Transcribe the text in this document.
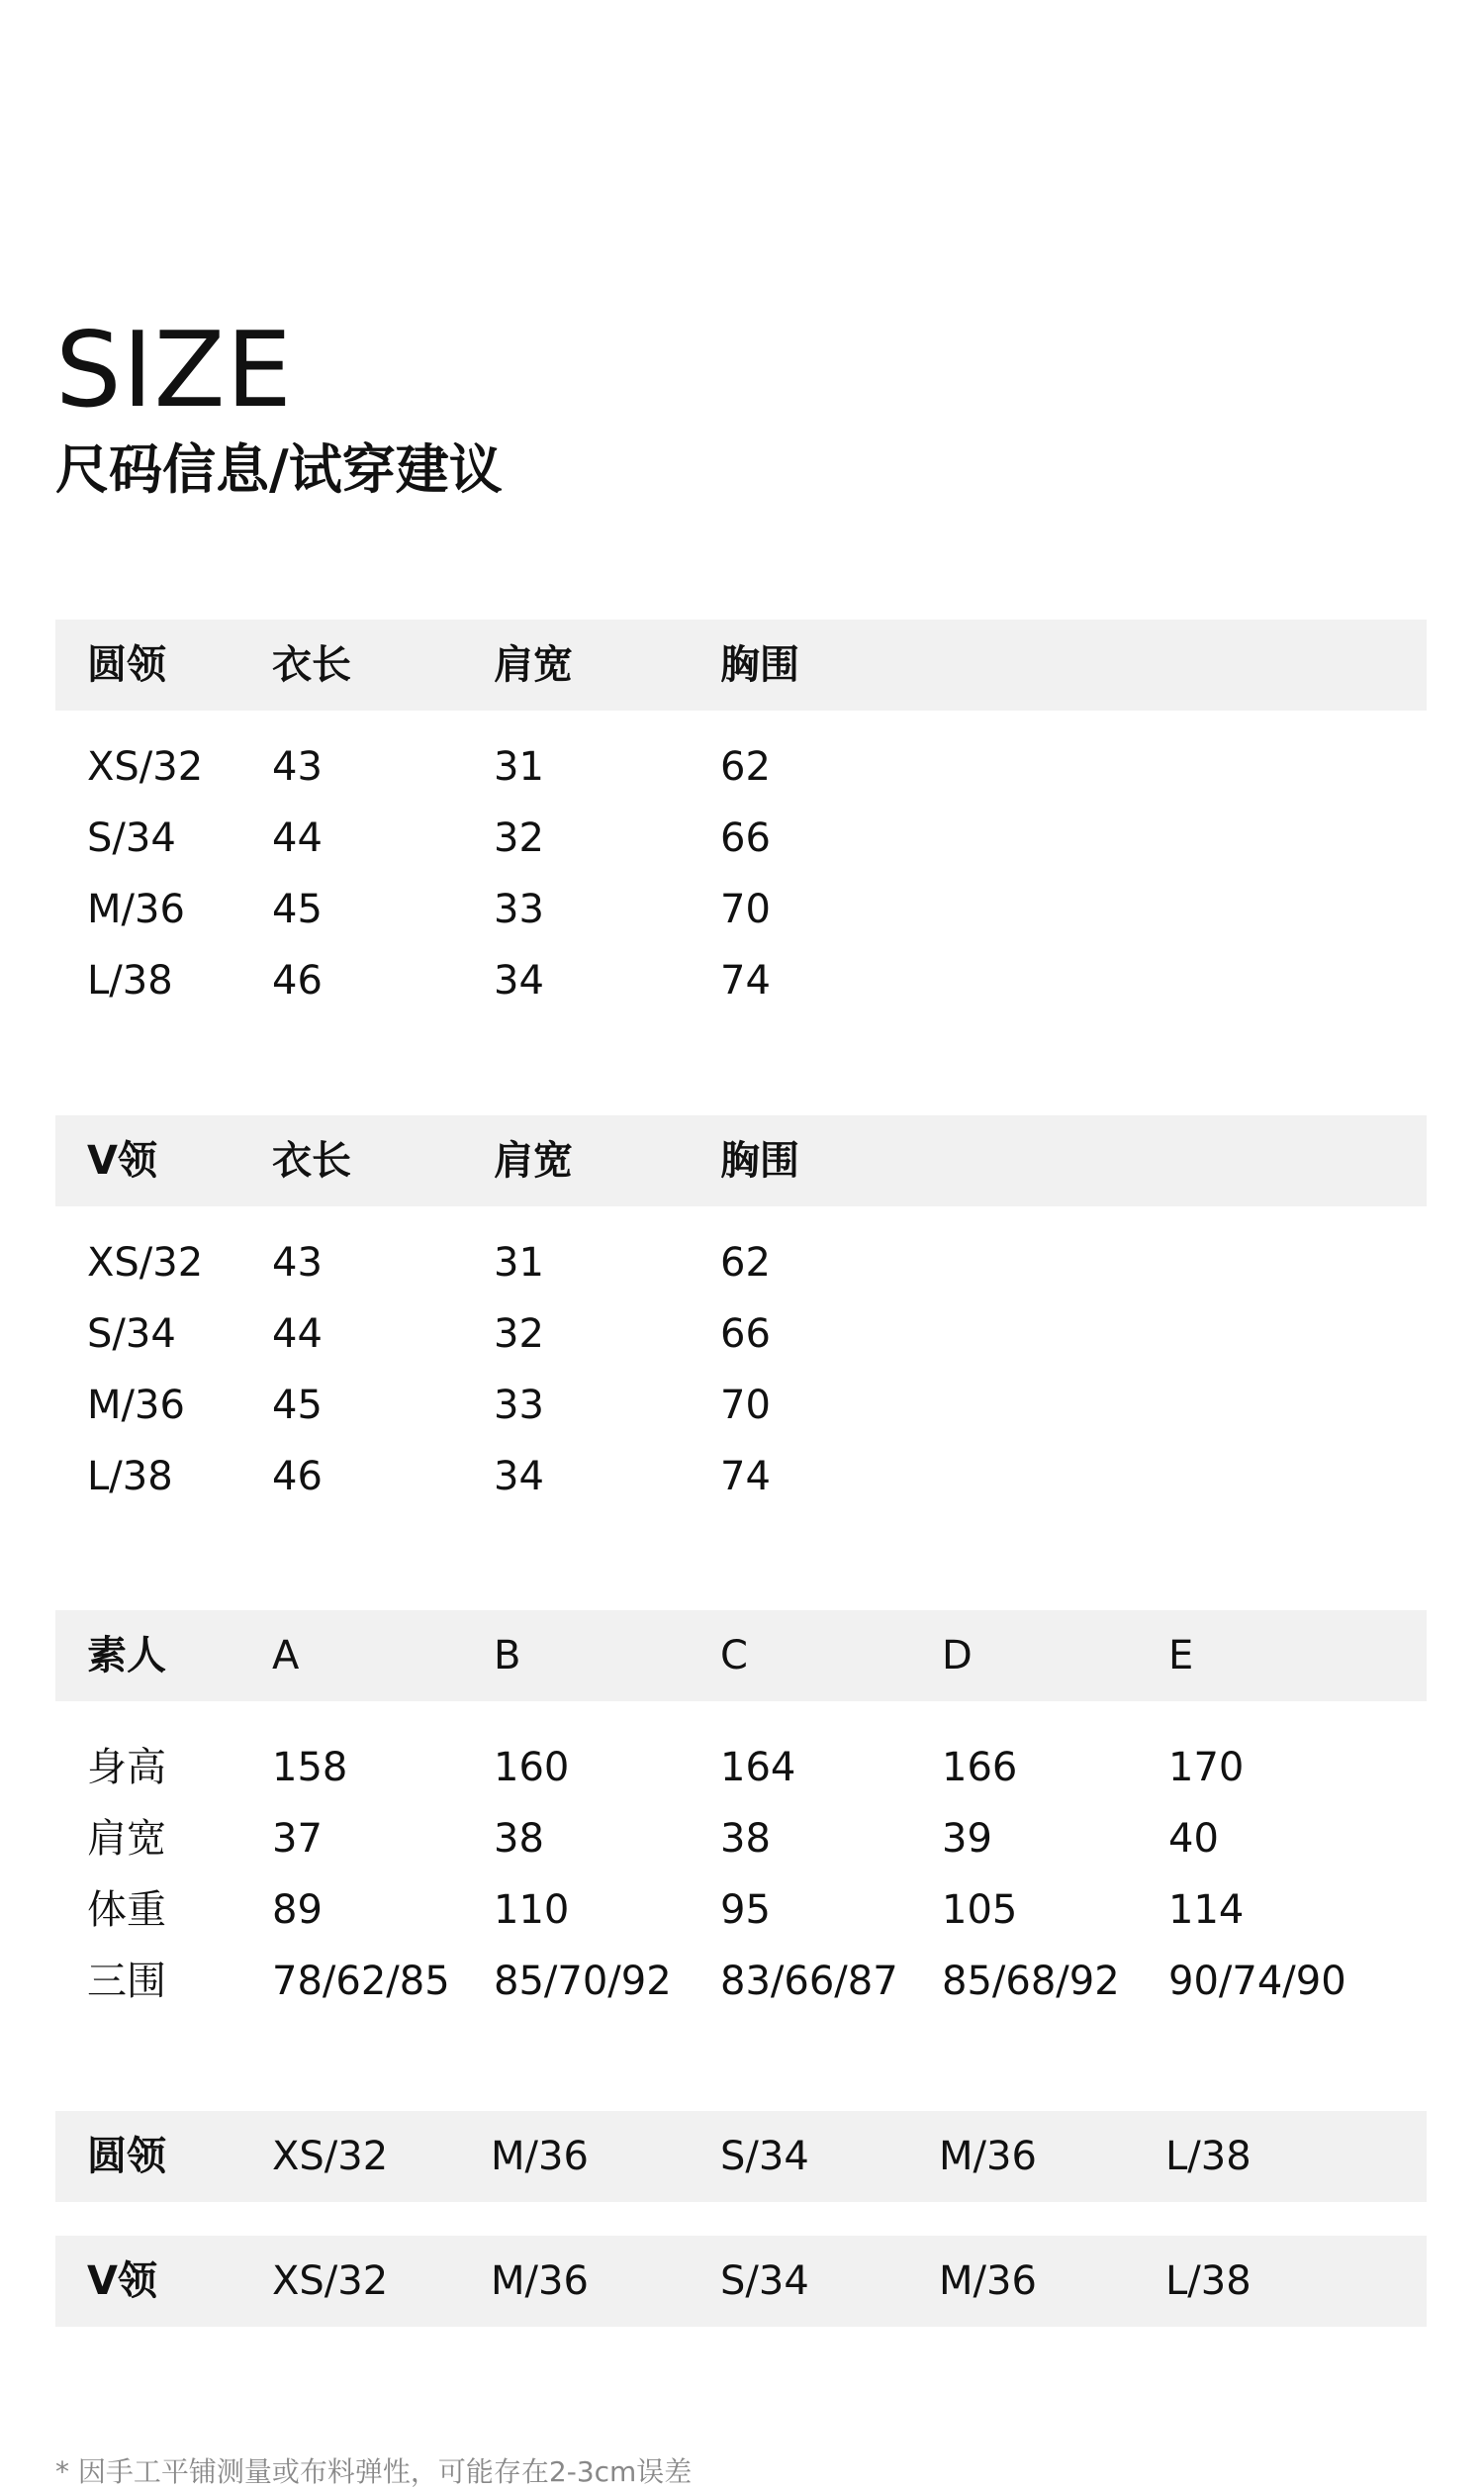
SIZE
尺码信息/试穿建议
圆领	衣长	肩宽	胸围
XS/32 43	31	62
S/34 44	32	66
M/36 45	33	70
L/38	46	34	74
V领	衣长	肩宽	胸围
XS/32 43	31	62
S/34 44	32	66
M/36 45	33	70
L/38	46	34	74
素人	A	B	C	D	E
身高	158	160	164	166	170
肩宽	37	38	38	39	40
体重	89	110	95	105	114
三围	78/62/85 85/70/92 83/66/87 85/68/92 90/74/90
圆领	XS/32	M/36	S/34	M/36	L/38
V领	XS/32	M/36	S/34	M/36	L/38
* 因手工平铺测量或布料弹性，可能存在2-3cm误差
